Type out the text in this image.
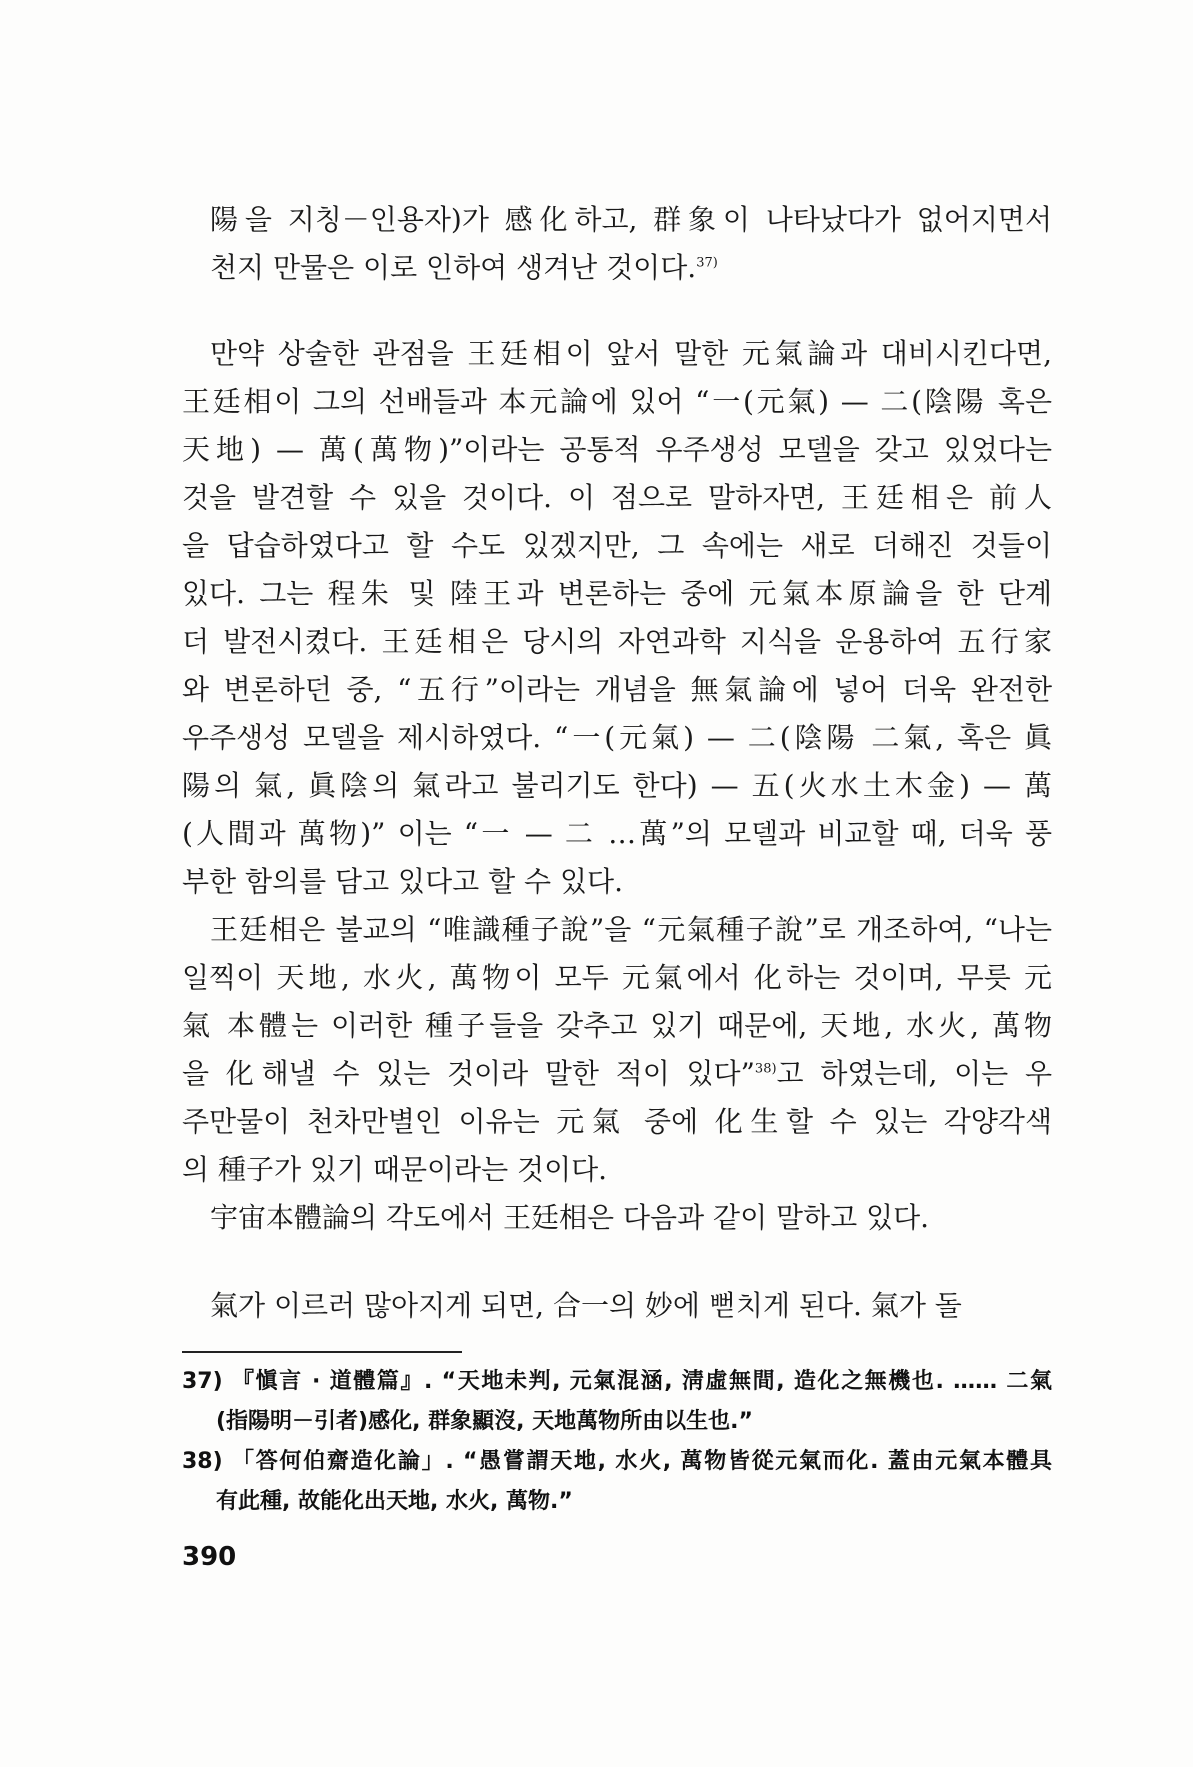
陽을 지칭－인용자)가 感化하고, 群象이 나타났다가 없어지면서
천지 만물은 이로 인하여 생겨난 것이다.$^{37)}$
만약 상술한 관점을 王廷相이 앞서 말한 元氣論과 대비시킨다면,
王廷相이 그의 선배들과 本元論에 있어 “一(元氣) — 二(陰陽 혹은
天地) — 萬(萬物)”이라는 공통적 우주생성 모델을 갖고 있었다는
것을 발견할 수 있을 것이다. 이 점으로 말하자면, 王廷相은 前人
을 답습하였다고 할 수도 있겠지만, 그 속에는 새로 더해진 것들이
있다. 그는 程朱 및 陸王과 변론하는 중에 元氣本原論을 한 단계
더 발전시켰다. 王廷相은 당시의 자연과학 지식을 운용하여 五行家
와 변론하던 중, “五行”이라는 개념을 無氣論에 넣어 더욱 완전한
우주생성 모델을 제시하였다. “一(元氣) — 二(陰陽 二氣, 혹은 眞
陽의 氣, 眞陰의 氣라고 불리기도 한다) — 五(火水土木金) — 萬
(人間과 萬物)” 이는 “一 — 二 …萬”의 모델과 비교할 때, 더욱 풍
부한 함의를 담고 있다고 할 수 있다.
王廷相은 불교의 “唯識種子說”을 “元氣種子說”로 개조하여, “나는
일찍이 天地, 水火, 萬物이 모두 元氣에서 化하는 것이며, 무릇 元
氣 本體는 이러한 種子들을 갖추고 있기 때문에, 天地, 水火, 萬物
을 化해낼 수 있는 것이라 말한 적이 있다”$^{38)}$고 하였는데, 이는 우
주만물이 천차만별인 이유는 元氣 중에 化生할 수 있는 각양각색
의 種子가 있기 때문이라는 것이다.
宇宙本體論의 각도에서 王廷相은 다음과 같이 말하고 있다.
氣가 이르러 많아지게 되면, 合一의 妙에 뻗치게 된다. 氣가 돌
37) 『愼言 · 道體篇』. “天地未判, 元氣混涵, 淸虛無間, 造化之無機也. …… 二氣
(指陽明－引者)感化, 群象顯沒, 天地萬物所由以生也.”
38) 「答何伯齋造化論」. “愚嘗謂天地, 水火, 萬物皆從元氣而化. 蓋由元氣本體具
有此種, 故能化出天地, 水火, 萬物.”
390
